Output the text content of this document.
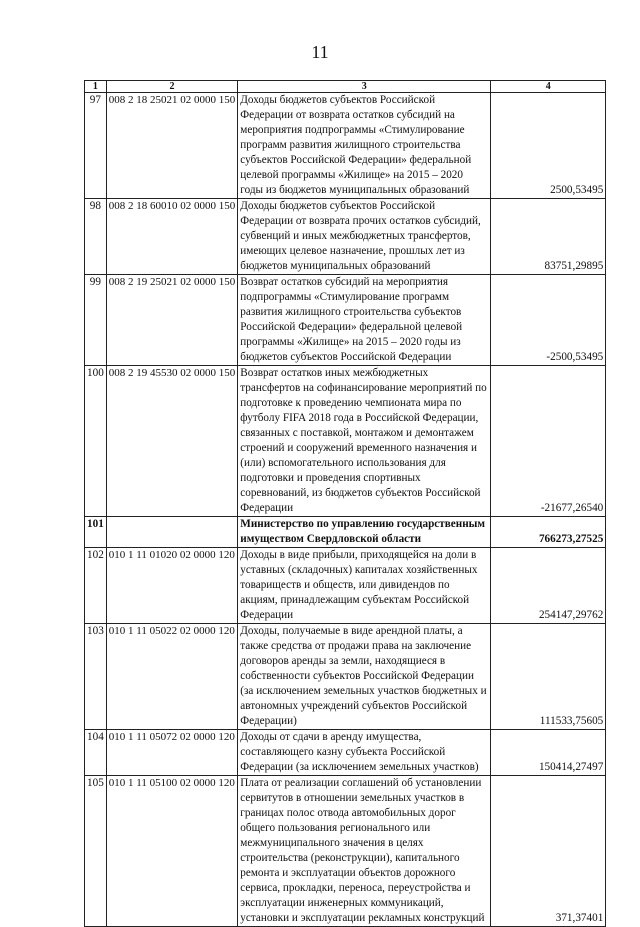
11
1	2	3	4
97	008 2 18 25021 02 0000 150	Доходы бюджетов субъектов Российской Федерации от возврата остатков субсидий на мероприятия подпрограммы «Стимулирование программ развития жилищного строительства субъектов Российской Федерации» федеральной целевой программы «Жилище» на 2015 – 2020 годы из бюджетов муниципальных образований	2500,53495
98	008 2 18 60010 02 0000 150	Доходы бюджетов субъектов Российской Федерации от возврата прочих остатков субсидий, субвенций и иных межбюджетных трансфертов, имеющих целевое назначение, прошлых лет из бюджетов муниципальных образований	83751,29895
99	008 2 19 25021 02 0000 150	Возврат остатков субсидий на мероприятия подпрограммы «Стимулирование программ развития жилищного строительства субъектов Российской Федерации» федеральной целевой программы «Жилище» на 2015 – 2020 годы из бюджетов субъектов Российской Федерации	-2500,53495
100	008 2 19 45530 02 0000 150	Возврат остатков иных межбюджетных трансфертов на софинансирование мероприятий по подготовке к проведению чемпионата мира по футболу FIFA 2018 года в Российской Федерации, связанных с поставкой, монтажом и демонтажем строений и сооружений временного назначения и (или) вспомогательного использования для подготовки и проведения спортивных соревнований, из бюджетов субъектов Российской Федерации	-21677,26540
101		Министерство по управлению государственным имуществом Свердловской области	766273,27525
102	010 1 11 01020 02 0000 120	Доходы в виде прибыли, приходящейся на доли в уставных (складочных) капиталах хозяйственных товариществ и обществ, или дивидендов по акциям, принадлежащим субъектам Российской Федерации	254147,29762
103	010 1 11 05022 02 0000 120	Доходы, получаемые в виде арендной платы, а также средства от продажи права на заключение договоров аренды за земли, находящиеся в собственности субъектов Российской Федерации (за исключением земельных участков бюджетных и автономных учреждений субъектов Российской Федерации)	111533,75605
104	010 1 11 05072 02 0000 120	Доходы от сдачи в аренду имущества, составляющего казну субъекта Российской Федерации (за исключением земельных участков)	150414,27497
105	010 1 11 05100 02 0000 120	Плата от реализации соглашений об установлении сервитутов в отношении земельных участков в границах полос отвода автомобильных дорог общего пользования регионального или межмуниципального значения в целях строительства (реконструкции), капитального ремонта и эксплуатации объектов дорожного сервиса, прокладки, переноса, переустройства и эксплуатации инженерных коммуникаций, установки и эксплуатации рекламных конструкций	371,37401
